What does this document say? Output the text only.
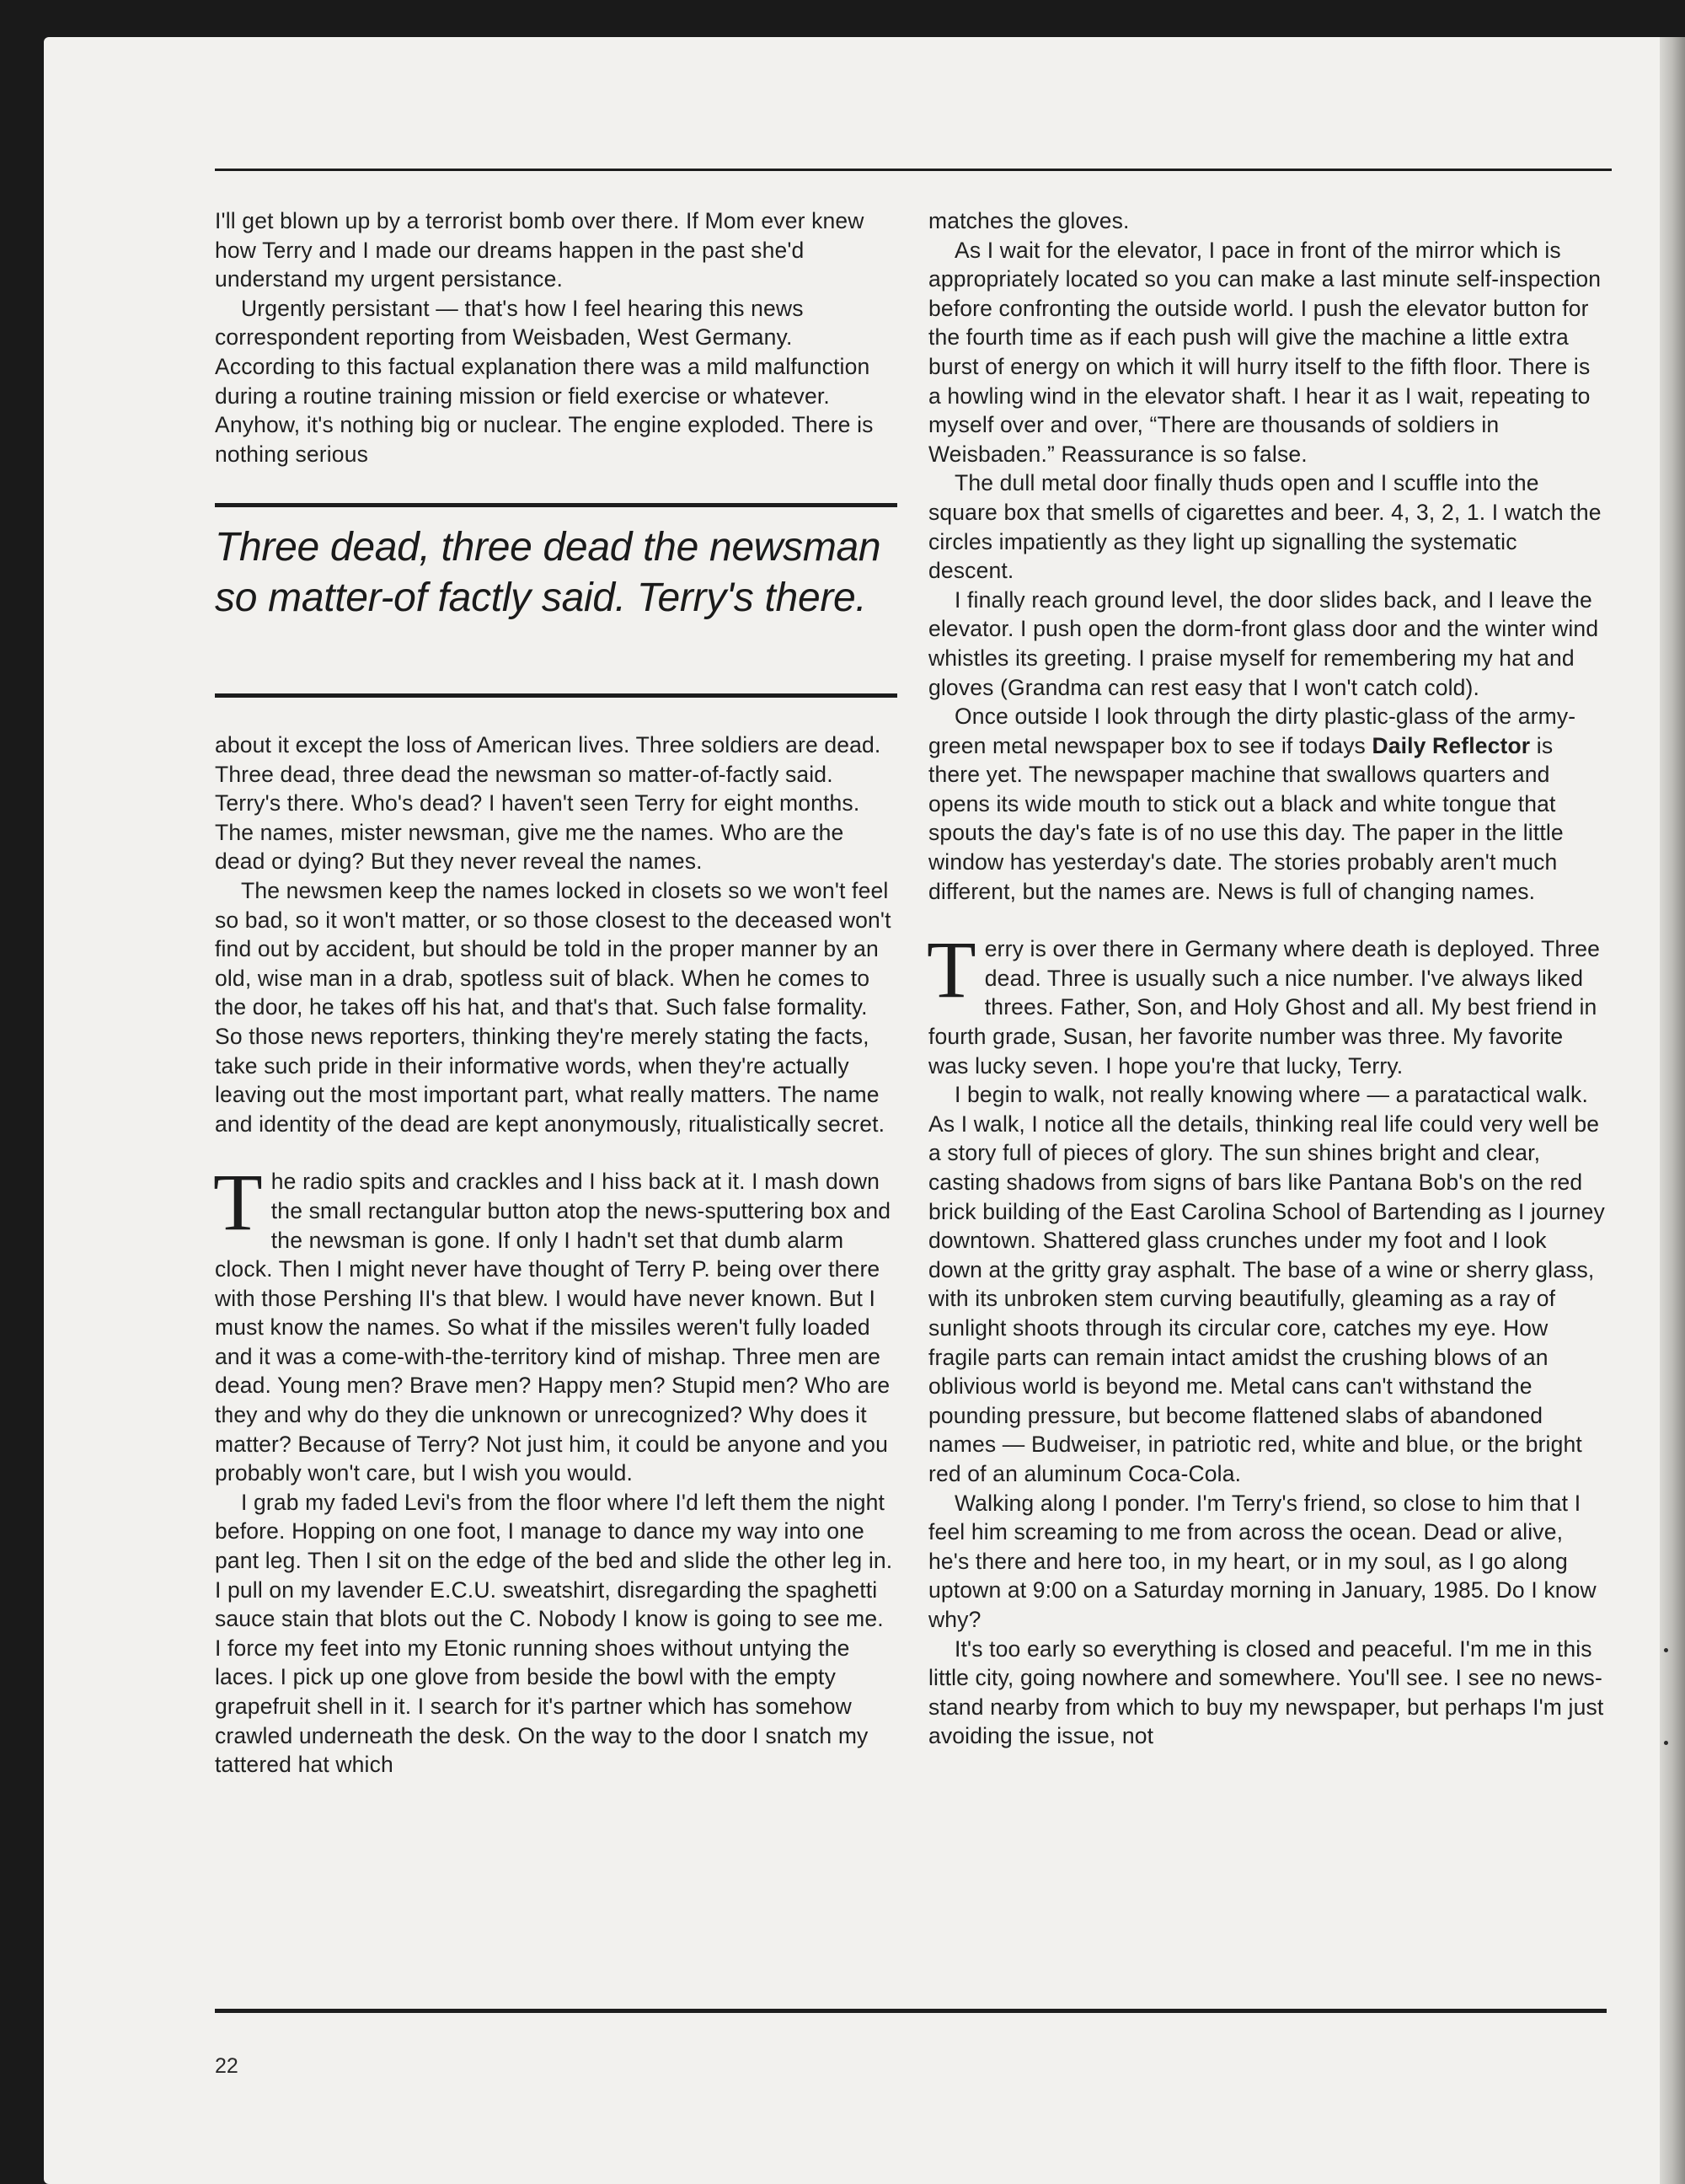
I'll get blown up by a terrorist bomb over there. If Mom ever knew how Terry and I made our dreams happen in the past she'd understand my urgent persistance.

Urgently persistant — that's how I feel hearing this news correspondent reporting from Weisbaden, West Germany. According to this factual explanation there was a mild malfunction during a routine training mission or field exercise or whatever. Anyhow, it's nothing big or nuclear. The engine exploded. There is nothing serious

Three dead, three dead the newsman so matter-of factly said. Terry's there.

about it except the loss of American lives. Three soldiers are dead. Three dead, three dead the newsman so matter-of-factly said. Terry's there. Who's dead? I haven't seen Terry for eight months. The names, mister newsman, give me the names. Who are the dead or dying? But they never reveal the names.

The newsmen keep the names locked in closets so we won't feel so bad, so it won't matter, or so those closest to the deceased won't find out by accident, but should be told in the proper manner by an old, wise man in a drab, spotless suit of black. When he comes to the door, he takes off his hat, and that's that. Such false formality. So those news reporters, thinking they're merely stating the facts, take such pride in their informative words, when they're actually leaving out the most important part, what really matters. The name and identity of the dead are kept anonymously, ritualistically secret.

The radio spits and crackles and I hiss back at it. I mash down the small rectangular button atop the news-sputtering box and the newsman is gone. If only I hadn't set that dumb alarm clock. Then I might never have thought of Terry P. being over there with those Pershing II's that blew. I would have never known. But I must know the names. So what if the missiles weren't fully loaded and it was a come-with-the-territory kind of mishap. Three men are dead. Young men? Brave men? Happy men? Stupid men? Who are they and why do they die unknown or unrecognized? Why does it matter? Because of Terry? Not just him, it could be anyone and you probably won't care, but I wish you would.

I grab my faded Levi's from the floor where I'd left them the night before. Hopping on one foot, I manage to dance my way into one pant leg. Then I sit on the edge of the bed and slide the other leg in. I pull on my lavender E.C.U. sweatshirt, disregarding the spaghetti sauce stain that blots out the C. Nobody I know is going to see me. I force my feet into my Etonic running shoes without untying the laces. I pick up one glove from beside the bowl with the empty grapefruit shell in it. I search for it's partner which has somehow crawled underneath the desk. On the way to the door I snatch my tattered hat which

matches the gloves.

As I wait for the elevator, I pace in front of the mirror which is appropriately located so you can make a last minute self-inspection before confronting the outside world. I push the elevator button for the fourth time as if each push will give the machine a little extra burst of energy on which it will hurry itself to the fifth floor. There is a howling wind in the elevator shaft. I hear it as I wait, repeating to myself over and over, “There are thousands of soldiers in Weisbaden.” Reassurance is so false.

The dull metal door finally thuds open and I scuffle into the square box that smells of cigarettes and beer. 4, 3, 2, 1. I watch the circles impatiently as they light up signalling the systematic descent.

I finally reach ground level, the door slides back, and I leave the elevator. I push open the dorm-front glass door and the winter wind whistles its greeting. I praise myself for remembering my hat and gloves (Grandma can rest easy that I won't catch cold).

Once outside I look through the dirty plastic-glass of the army-green metal newspaper box to see if todays Daily Reflector is there yet. The newspaper machine that swallows quarters and opens its wide mouth to stick out a black and white tongue that spouts the day's fate is of no use this day. The paper in the little window has yesterday's date. The stories probably aren't much different, but the names are. News is full of changing names.

Terry is over there in Germany where death is deployed. Three dead. Three is usually such a nice number. I've always liked threes. Father, Son, and Holy Ghost and all. My best friend in fourth grade, Susan, her favorite number was three. My favorite was lucky seven. I hope you're that lucky, Terry.

I begin to walk, not really knowing where — a paratactical walk. As I walk, I notice all the details, thinking real life could very well be a story full of pieces of glory. The sun shines bright and clear, casting shadows from signs of bars like Pantana Bob's on the red brick building of the East Carolina School of Bartending as I journey downtown. Shattered glass crunches under my foot and I look down at the gritty gray asphalt. The base of a wine or sherry glass, with its unbroken stem curving beautifully, gleaming as a ray of sunlight shoots through its circular core, catches my eye. How fragile parts can remain intact amidst the crushing blows of an oblivious world is beyond me. Metal cans can't withstand the pounding pressure, but become flattened slabs of abandoned names — Budweiser, in patriotic red, white and blue, or the bright red of an aluminum Coca-Cola.

Walking along I ponder. I'm Terry's friend, so close to him that I feel him screaming to me from across the ocean. Dead or alive, he's there and here too, in my heart, or in my soul, as I go along uptown at 9:00 on a Saturday morning in January, 1985. Do I know why?

It's too early so everything is closed and peaceful. I'm me in this little city, going nowhere and somewhere. You'll see. I see no news-stand nearby from which to buy my newspaper, but perhaps I'm just avoiding the issue, not

22
